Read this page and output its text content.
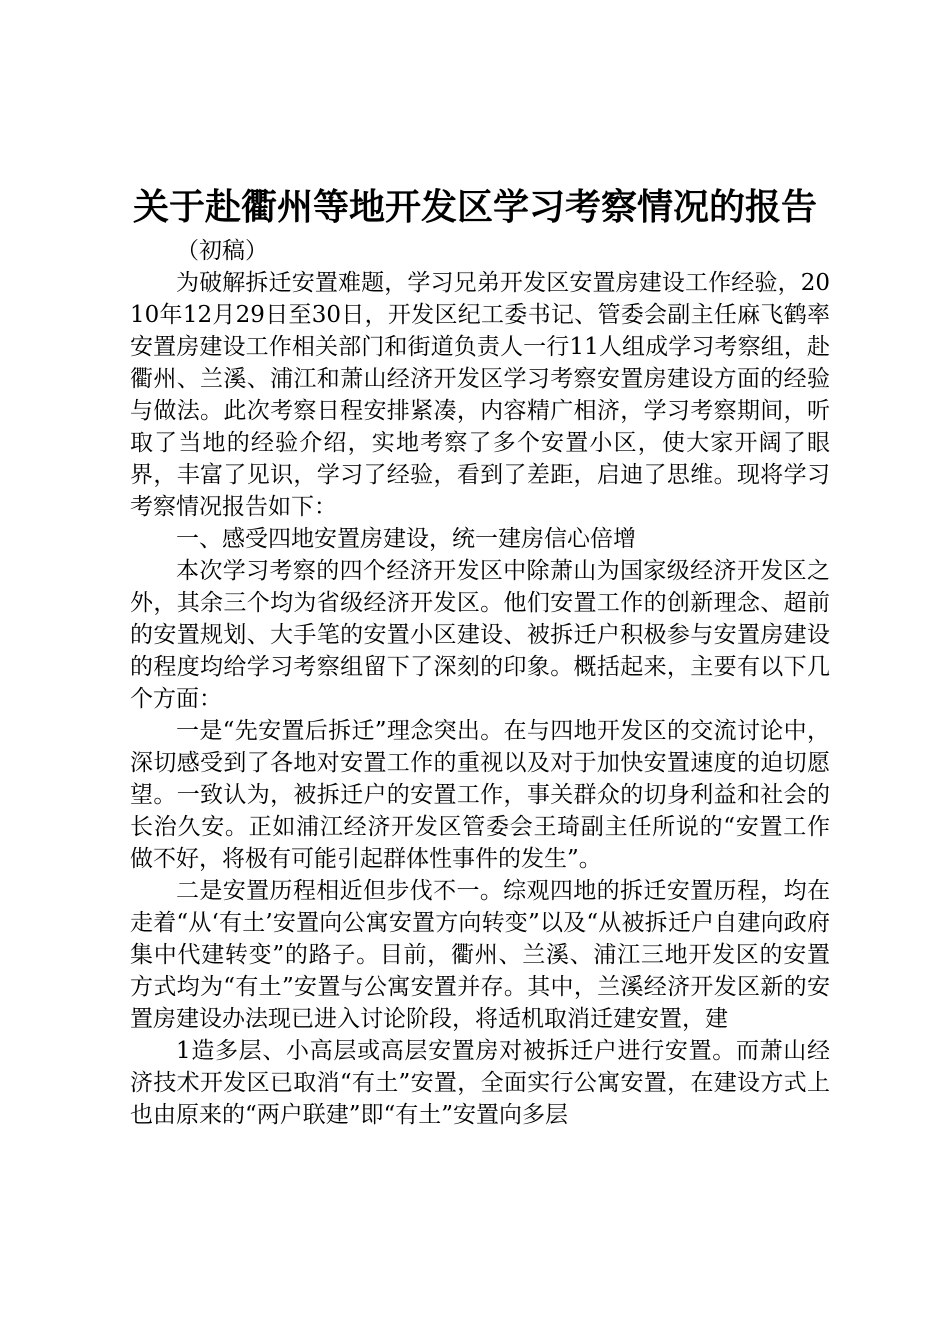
关于赴衢州等地开发区学习考察情况的报告

（初稿）

为破解拆迁安置难题，学习兄弟开发区安置房建设工作经验，2010年12月29日至30日，开发区纪工委书记、管委会副主任麻飞鹤率安置房建设工作相关部门和街道负责人一行11人组成学习考察组，赴衢州、兰溪、浦江和萧山经济开发区学习考察安置房建设方面的经验与做法。此次考察日程安排紧凑，内容精广相济，学习考察期间，听取了当地的经验介绍，实地考察了多个安置小区，使大家开阔了眼界，丰富了见识，学习了经验，看到了差距，启迪了思维。现将学习考察情况报告如下：

一、感受四地安置房建设，统一建房信心倍增

本次学习考察的四个经济开发区中除萧山为国家级经济开发区之外，其余三个均为省级经济开发区。他们安置工作的创新理念、超前的安置规划、大手笔的安置小区建设、被拆迁户积极参与安置房建设的程度均给学习考察组留下了深刻的印象。概括起来，主要有以下几个方面：

一是“先安置后拆迁”理念突出。在与四地开发区的交流讨论中，深切感受到了各地对安置工作的重视以及对于加快安置速度的迫切愿望。一致认为，被拆迁户的安置工作，事关群众的切身利益和社会的长治久安。正如浦江经济开发区管委会王琦副主任所说的“安置工作做不好，将极有可能引起群体性事件的发生”。

二是安置历程相近但步伐不一。综观四地的拆迁安置历程，均在走着“从‘有土’安置向公寓安置方向转变”以及“从被拆迁户自建向政府集中代建转变”的路子。目前，衢州、兰溪、浦江三地开发区的安置方式均为“有土”安置与公寓安置并存。其中，兰溪经济开发区新的安置房建设办法现已进入讨论阶段，将适机取消迁建安置，建

1造多层、小高层或高层安置房对被拆迁户进行安置。而萧山经济技术开发区已取消“有土”安置，全面实行公寓安置，在建设方式上也由原来的“两户联建”即“有土”安置向多层
